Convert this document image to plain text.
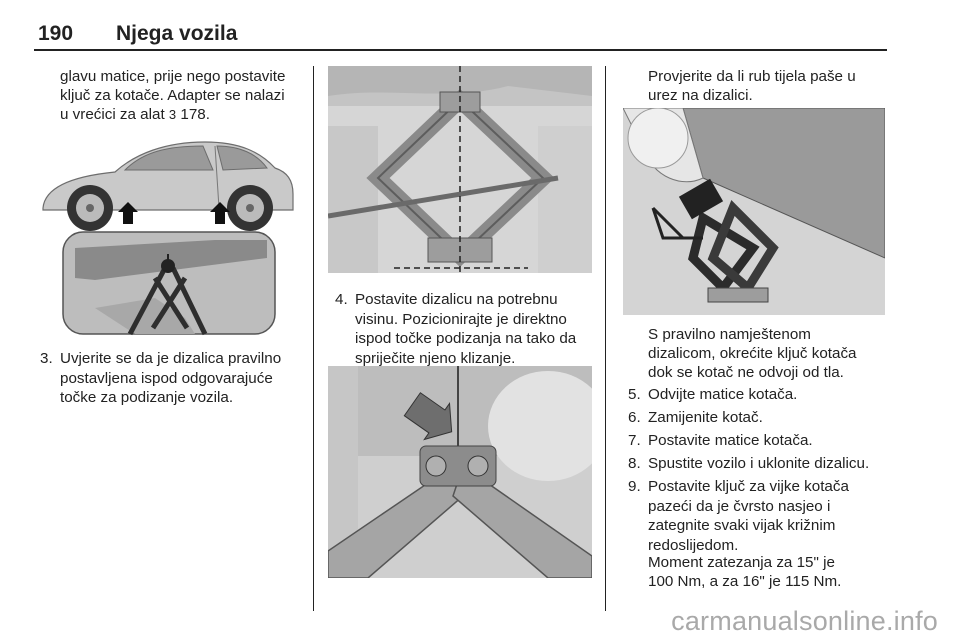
190 Njega vozila
glavu matice, prije nego postavite
ključ za kotače. Adapter se nalazi
u vrećici za alat 3 178.
3. Uvjerite se da je dizalica pravilno
postavljena ispod odgovarajuće
točke za podizanje vozila.
4. Postavite dizalicu na potrebnu
visinu. Pozicionirajte je direktno
ispod točke podizanja na tako da
spriječite njeno klizanje.
Provjerite da li rub tijela paše u
urez na dizalici.
S pravilno namještenom
dizalicom, okrećite ključ kotača
dok se kotač ne odvoji od tla.
5. Odvijte matice kotača.
6. Zamijenite kotač.
7. Postavite matice kotača.
8. Spustite vozilo i uklonite dizalicu.
9. Postavite ključ za vijke kotača
pazeći da je čvrsto nasjeo i
zategnite svaki vijak križnim
redoslijedom.
Moment zatezanja za 15" je
100 Nm, a za 16" je 115 Nm.
carmanualsonline.info
